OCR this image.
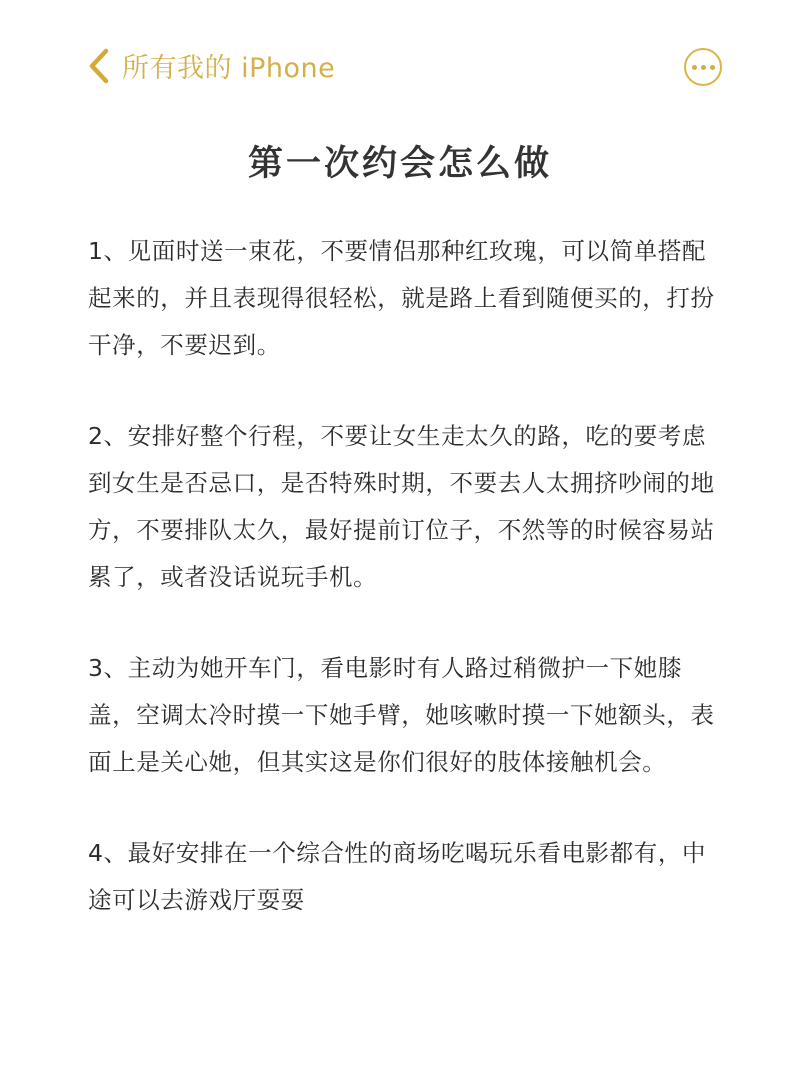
所有我的 iPhone
第一次约会怎么做

1、见面时送一束花，不要情侣那种红玫瑰，可以简单搭配起来的，并且表现得很轻松，就是路上看到随便买的，打扮干净，不要迟到。

2、安排好整个行程，不要让女生走太久的路，吃的要考虑到女生是否忌口，是否特殊时期，不要去人太拥挤吵闹的地方，不要排队太久，最好提前订位子，不然等的时候容易站累了，或者没话说玩手机。

3、主动为她开车门，看电影时有人路过稍微护一下她膝盖，空调太冷时摸一下她手臂，她咳嗽时摸一下她额头，表面上是关心她，但其实这是你们很好的肢体接触机会。

4、最好安排在一个综合性的商场吃喝玩乐看电影都有，中途可以去游戏厅耍耍
